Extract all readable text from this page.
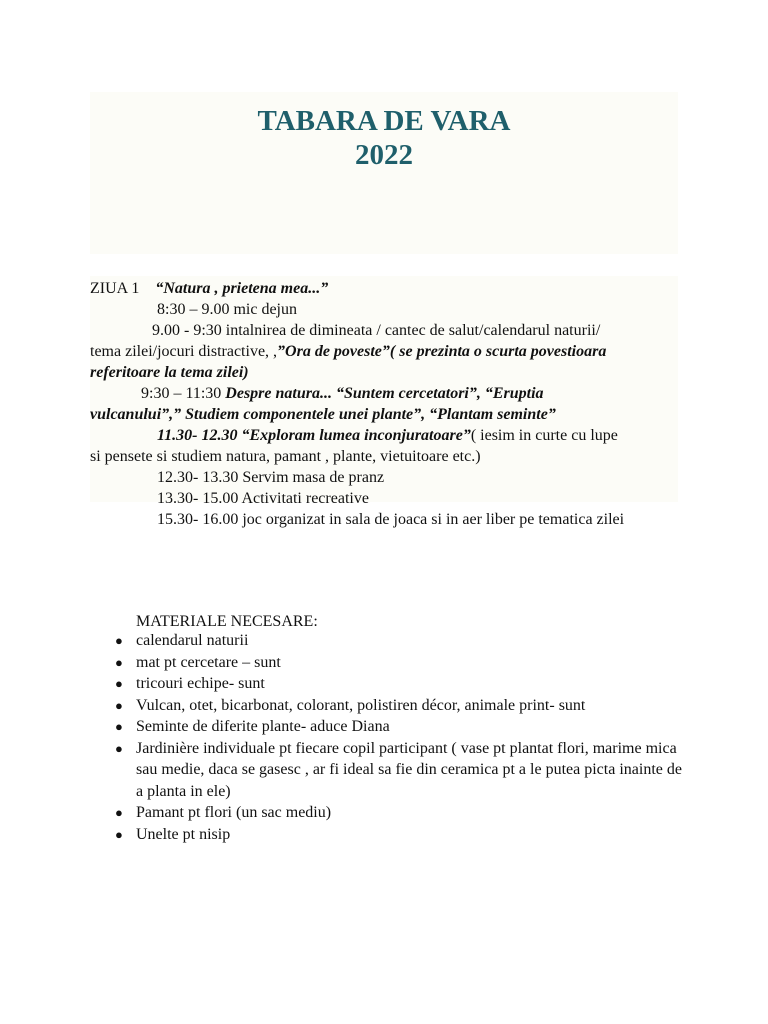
TABARA DE VARA
2022
ZIUA 1 “Natura , prietena mea...”
8:30 – 9.00 mic dejun
9.00 - 9:30 intalnirea de dimineata / cantec de salut/calendarul naturii/
tema zilei/jocuri distractive, ,”Ora de poveste”( se prezinta o scurta povestioara
referitoare la tema zilei)
9:30 – 11:30 Despre natura... “Suntem cercetatori”, “Eruptia
vulcanului”,” Studiem componentele unei plante”, “Plantam seminte”
11.30- 12.30 “Exploram lumea inconjuratoare”( iesim in curte cu lupe
si pensete si studiem natura, pamant , plante, vietuitoare etc.)
12.30- 13.30 Servim masa de pranz
13.30- 15.00 Activitati recreative
15.30- 16.00 joc organizat in sala de joaca si in aer liber pe tematica zilei
MATERIALE NECESARE:
● calendarul naturii
● mat pt cercetare – sunt
● tricouri echipe- sunt
● Vulcan, otet, bicarbonat, colorant, polistiren décor, animale print- sunt
● Seminte de diferite plante- aduce Diana
● Jardinière individuale pt fiecare copil participant ( vase pt plantat flori, marime mica sau medie, daca se gasesc , ar fi ideal sa fie din ceramica pt a le putea picta inainte de a planta in ele)
● Pamant pt flori (un sac mediu)
● Unelte pt nisip
